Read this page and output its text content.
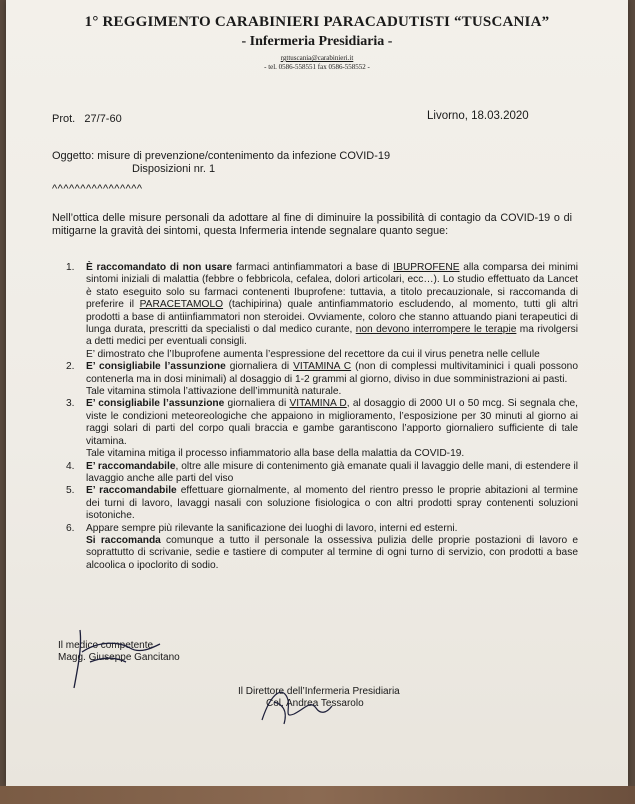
1° REGGIMENTO CARABINIERI PARACADUTISTI “TUSCANIA”
- Infermeria Presidiaria -
rgttuscania@carabinieri.it
- tel. 0586-558551 fax 0586-558552 -
Prot.   27/7-60	Livorno, 18.03.2020
Oggetto: misure di prevenzione/contenimento da infezione COVID-19
Disposizioni nr. 1
^^^^^^^^^^^^^^^^
Nell’ottica delle misure personali da adottare al fine di diminuire la possibilità di contagio da COVID-19 o di mitigarne la gravità dei sintomi, questa Infermeria intende segnalare quanto segue:
1. È raccomandato di non usare farmaci antinfiammatori a base di IBUPROFENE alla comparsa dei minimi sintomi iniziali di malattia (febbre o febbricola, cefalea, dolori articolari, ecc…). Lo studio effettuato da Lancet è stato eseguito solo su farmaci contenenti Ibuprofene: tuttavia, a titolo precauzionale, si raccomanda di preferire il PARACETAMOLO (tachipirina) quale antinfiammatorio escludendo, al momento, tutti gli altri prodotti a base di antiinfiammatori non steroidei. Ovviamente, coloro che stanno attuando piani terapeutici di lunga durata, prescritti da specialisti o dal medico curante, non devono interrompere le terapie ma rivolgersi a detti medici per eventuali consigli.
E’ dimostrato che l’Ibuprofene aumenta l’espressione del recettore da cui il virus penetra nelle cellule
2. E’ consigliabile l’assunzione giornaliera di VITAMINA C (non di complessi multivitaminici i quali possono contenerla ma in dosi minimali) al dosaggio di 1-2 grammi al giorno, diviso in due somministrazioni ai pasti.
Tale vitamina stimola l’attivazione dell’immunità naturale.
3. E’ consigliabile l’assunzione giornaliera di VITAMINA D, al dosaggio di 2000 UI o 50 mcg. Si segnala che, viste le condizioni meteoreologiche che appaiono in miglioramento, l’esposizione per 30 minuti al giorno ai raggi solari di parti del corpo quali braccia e gambe garantiscono l’apporto giornaliero sufficiente di tale vitamina.
Tale vitamina mitiga il processo infiammatorio alla base della malattia da COVID-19.
4. E’ raccomandabile, oltre alle misure di contenimento già emanate quali il lavaggio delle mani, di estendere il lavaggio anche alle parti del viso
5. E’ raccomandabile effettuare giornalmente, al momento del rientro presso le proprie abitazioni al termine dei turni di lavoro, lavaggi nasali con soluzione fisiologica o con altri prodotti spray contenenti soluzioni isotoniche.
6. Appare sempre più rilevante la sanificazione dei luoghi di lavoro, interni ed esterni.
Si raccomanda comunque a tutto il personale la ossessiva pulizia delle proprie postazioni di lavoro e soprattutto di scrivanie, sedie e tastiere di computer al termine di ogni turno di servizio, con prodotti a base alcoolica o ipoclorito di sodio.
Il medico competente
Magg. Giuseppe Gancitano
Il Direttore dell’Infermeria Presidiaria
Col. Andrea Tessarolo
